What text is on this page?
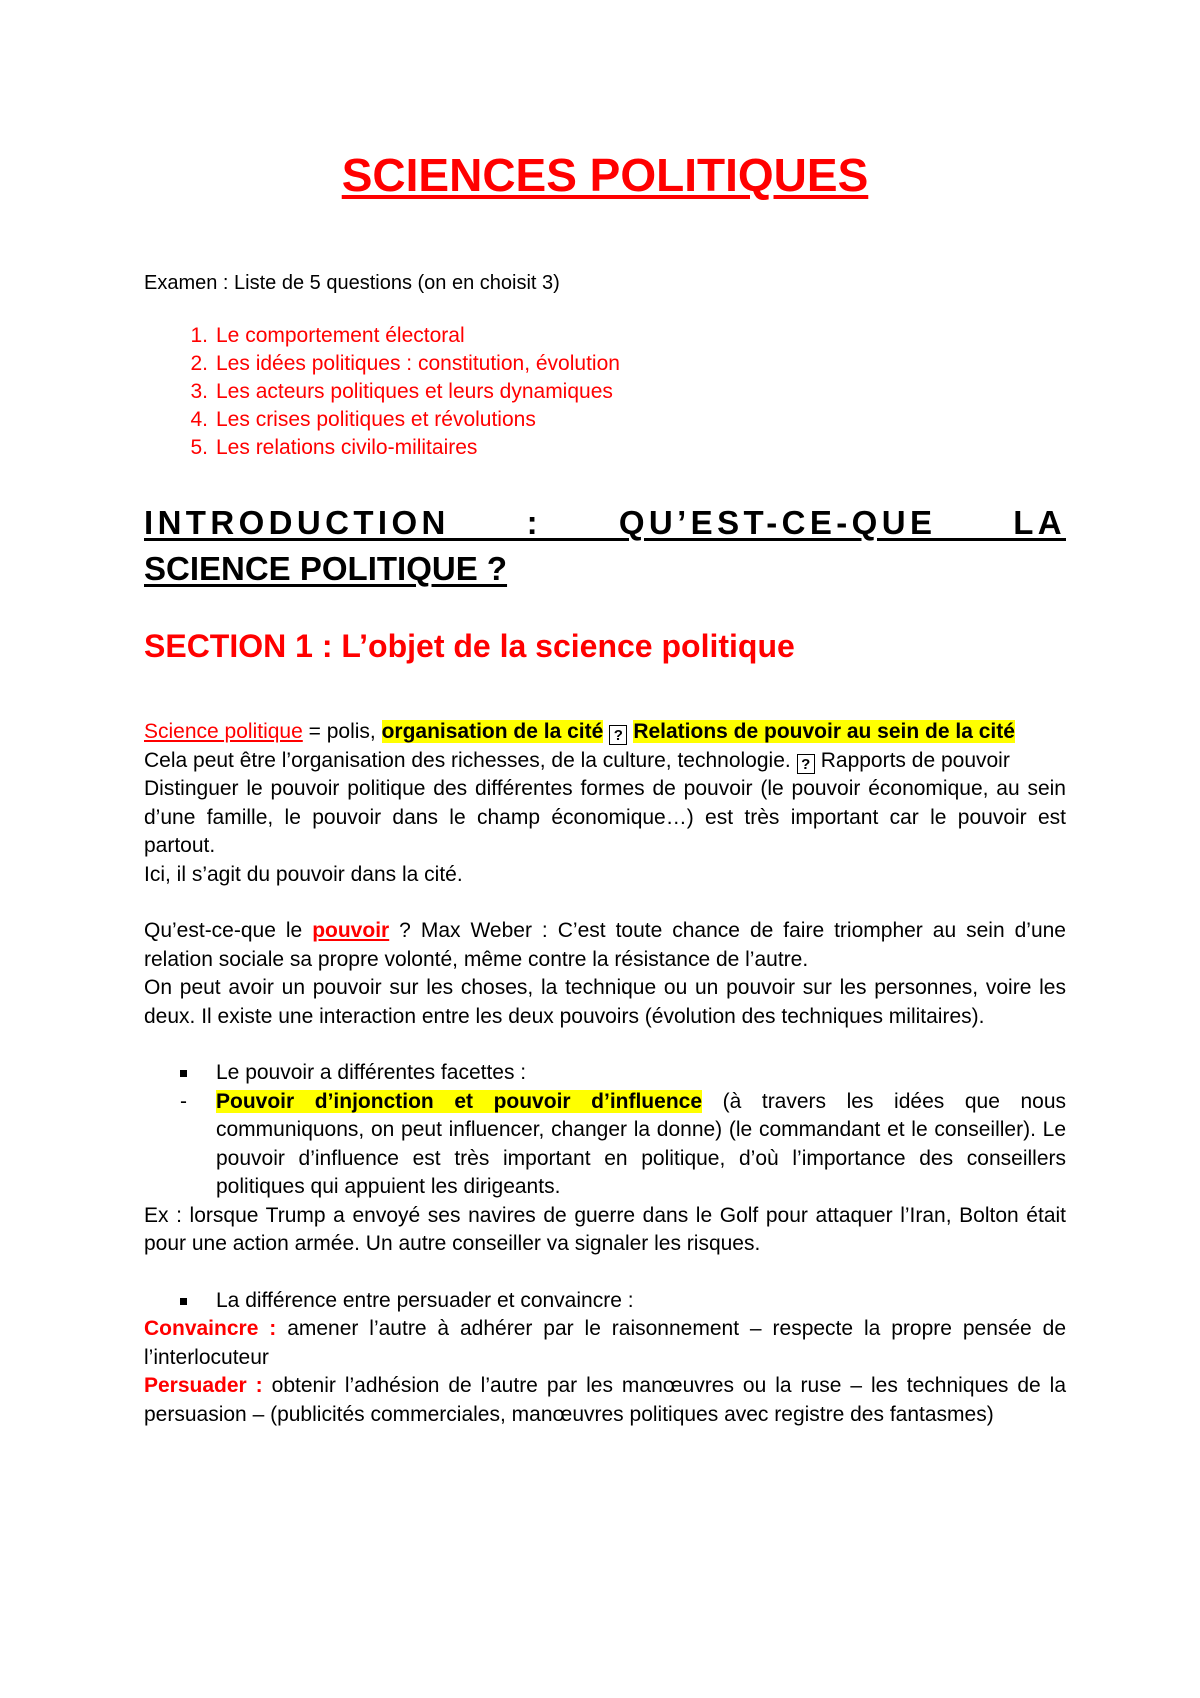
SCIENCES POLITIQUES

Examen : Liste de 5 questions (on en choisit 3)

1. Le comportement électoral
2. Les idées politiques : constitution, évolution
3. Les acteurs politiques et leurs dynamiques
4. Les crises politiques et révolutions
5. Les relations civilo-militaires
INTRODUCTION : QU’EST-CE-QUE LA
SCIENCE POLITIQUE ?
SECTION 1 : L’objet de la science politique

Science politique = polis, organisation de la cité ? Relations de pouvoir au sein de la cité

Cela peut être l’organisation des richesses, de la culture, technologie. ? Rapports de pouvoir

Distinguer le pouvoir politique des différentes formes de pouvoir (le pouvoir économique, au sein d’une famille, le pouvoir dans le champ économique…) est très important car le pouvoir est partout.

Ici, il s’agit du pouvoir dans la cité.

Qu’est-ce-que le pouvoir ? Max Weber : C’est toute chance de faire triompher au sein d’une relation sociale sa propre volonté, même contre la résistance de l’autre.

On peut avoir un pouvoir sur les choses, la technique ou un pouvoir sur les personnes, voire les deux. Il existe une interaction entre les deux pouvoirs (évolution des techniques militaires).

Le pouvoir a différentes facettes :
- Pouvoir d’injonction et pouvoir d’influence (à travers les idées que nous communiquons, on peut influencer, changer la donne) (le commandant et le conseiller). Le pouvoir d’influence est très important en politique, d’où l’importance des conseillers politiques qui appuient les dirigeants.

Ex : lorsque Trump a envoyé ses navires de guerre dans le Golf pour attaquer l’Iran, Bolton était pour une action armée. Un autre conseiller va signaler les risques.

La différence entre persuader et convaincre :

Convaincre : amener l’autre à adhérer par le raisonnement – respecte la propre pensée de l’interlocuteur

Persuader : obtenir l’adhésion de l’autre par les manœuvres ou la ruse – les techniques de la persuasion – (publicités commerciales, manœuvres politiques avec registre des fantasmes)
